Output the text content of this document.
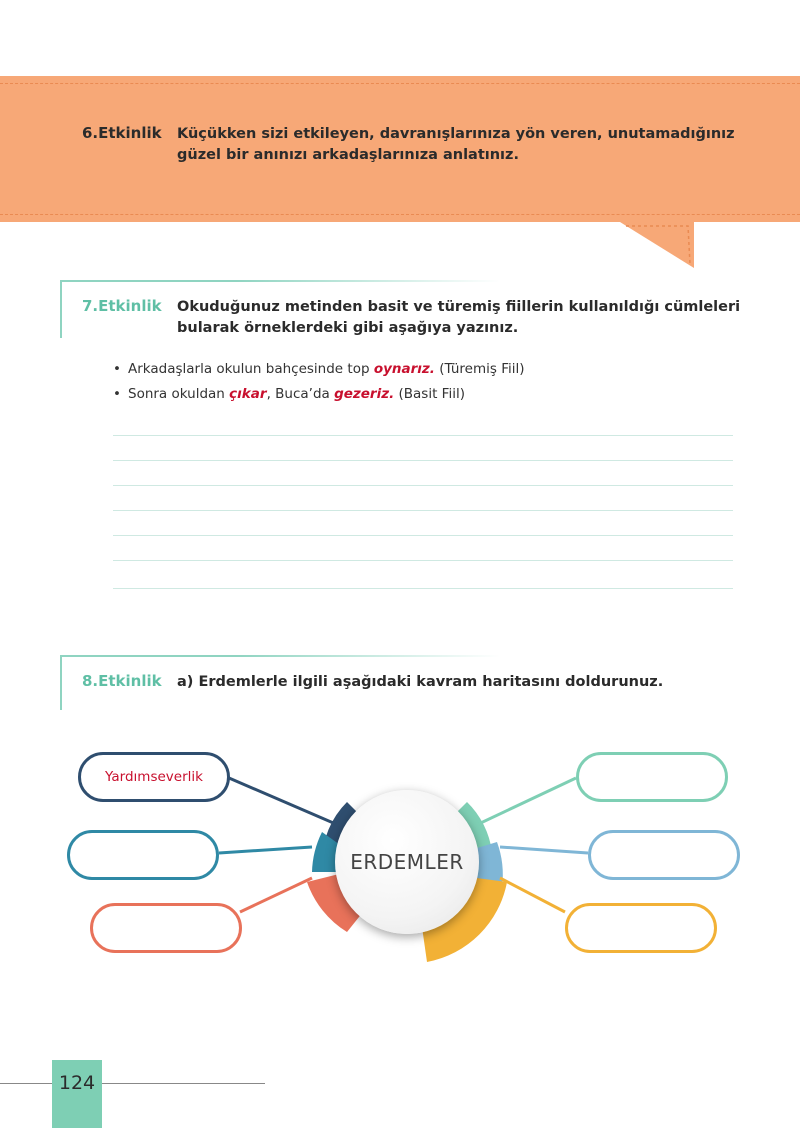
6.Etkinlik Küçükken sizi etkileyen, davranışlarınıza yön veren, unutamadığınız
güzel bir anınızı arkadaşlarınıza anlatınız.
7.Etkinlik Okuduğunuz metinden basit ve türemiş fiillerin kullanıldığı cümleleri
bularak örneklerdeki gibi aşağıya yazınız.
• Arkadaşlarla okulun bahçesinde top oynarız. (Türemiş Fiil)
• Sonra okuldan çıkar, Buca’da gezeriz. (Basit Fiil)
8.Etkinlik a) Erdemlerle ilgili aşağıdaki kavram haritasını doldurunuz.
Yardımseverlik
ERDEMLER
124
